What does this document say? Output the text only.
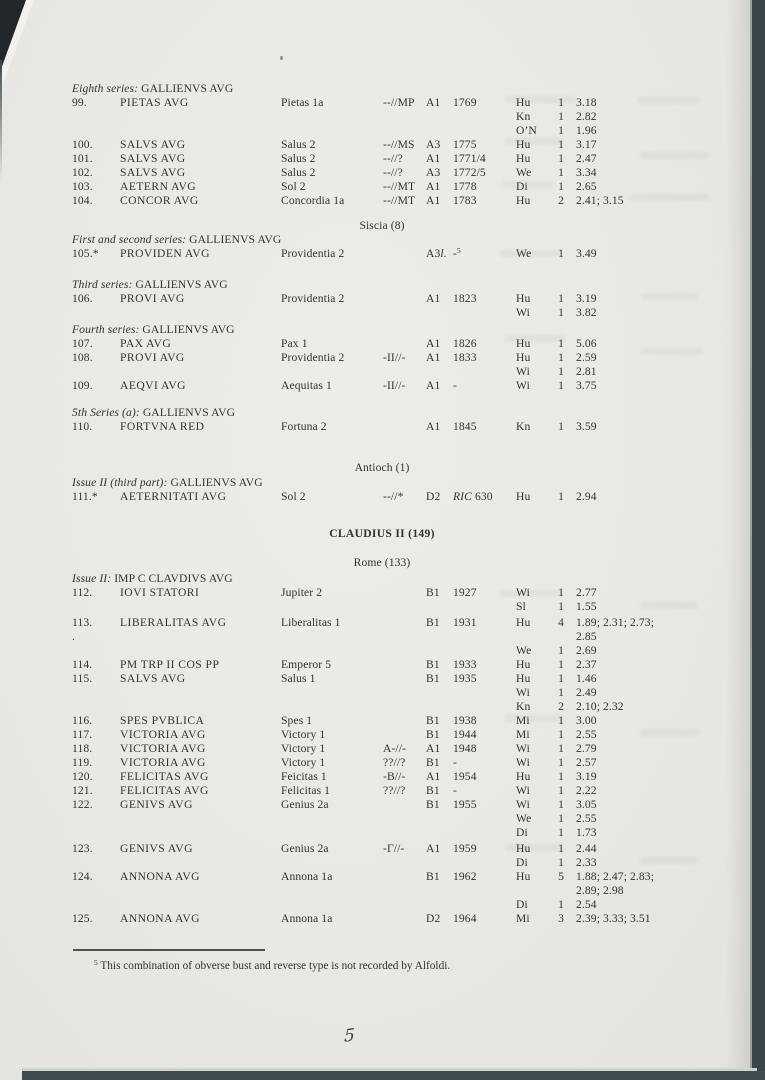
Eighth series: GALLIENVS AVG
99.	PIETAS AVG	Pietas 1a	--//MP A1	1769	Hu	1	3.18
Kn	1	2.82
O’N	1	1.96
100.	SALVS AVG	Salus 2	--//MS A3	1775	Hu	1	3.17
101.	SALVS AVG	Salus 2	--//?	A1	1771/4	Hu	1	2.47
102.	SALVS AVG	Salus 2	--//?	A3	1772/5	We	1	3.34
103.	AETERN AVG	Sol 2	--//MT A1	1778	Di	1	2.65
104.	CONCOR AVG	Concordia 1a	--//MT A1	1783	Hu	2	2.41; 3.15
Siscia (8)
First and second series: GALLIENVS AVG
105.*	PROVIDEN AVG	Providentia 2	A3l. -$^5$	We	1	3.49
Third series: GALLIENVS AVG
106.	PROVI AVG	Providentia 2	A1	1823	Hu	1	3.19
Wi	1	3.82
Fourth series: GALLIENVS AVG
107.	PAX AVG	Pax 1	A1	1826	Hu	1	5.06
108.	PROVI AVG	Providentia 2	-II//-	A1	1833	Hu	1	2.59
Wi	1	2.81
109.	AEQVI AVG	Aequitas 1	-II//-	A1	-	Wi	1	3.75
5th Series (a): GALLIENVS AVG
110.	FORTVNA RED	Fortuna 2	A1	1845	Kn	1	3.59
Antioch (1)
Issue II (third part): GALLIENVS AVG
111.*	AETERNITATI AVG	Sol 2	--//*	D2	RIC 630	Hu	1	2.94
CLAUDIUS II (149)
Rome (133)
Issue II: IMP C CLAVDIVS AVG
112.	IOVI STATORI	Jupiter 2	B1	1927	Wi	1	2.77
Sl	1	1.55
113.	LIBERALITAS AVG	Liberalitas 1	B1	1931	Hu	4	1.89; 2.31; 2.73;
.	2.85
We	1	2.69
114.	PM TRP II COS PP	Emperor 5	B1	1933	Hu	1	2.37
115.	SALVS AVG	Salus 1	B1	1935	Hu	1	1.46
Wi	1	2.49
Kn	2	2.10; 2.32
116.	SPES PVBLICA	Spes 1	B1	1938	Mi	1	3.00
117.	VICTORIA AVG	Victory 1	B1	1944	Mi	1	2.55
118.	VICTORIA AVG	Victory 1	A-//-	A1	1948	Wi	1	2.79
119.	VICTORIA AVG	Victory 1	??//?	B1	-	Wi	1	2.57
120.	FELICITAS AVG	Feicitas 1	-B//-	A1	1954	Hu	1	3.19
121.	FELICITAS AVG	Felicitas 1	??//?	B1	-	Wi	1	2.22
122.	GENIVS AVG	Genius 2a	B1	1955	Wi	1	3.05
We	1	2.55
Di	1	1.73
123.	GENIVS AVG	Genius 2a	-Γ//-	A1	1959	Hu	1	2.44
Di	1	2.33
124.	ANNONA AVG	Annona 1a	B1	1962	Hu	5	1.88; 2.47; 2.83;
2.89; 2.98
Di	1	2.54
125.	ANNONA AVG	Annona 1a	D2	1964	Mi	3	2.39; 3.33; 3.51
$^5$ This combination of obverse bust and reverse type is not recorded by Alfoldi.
5
